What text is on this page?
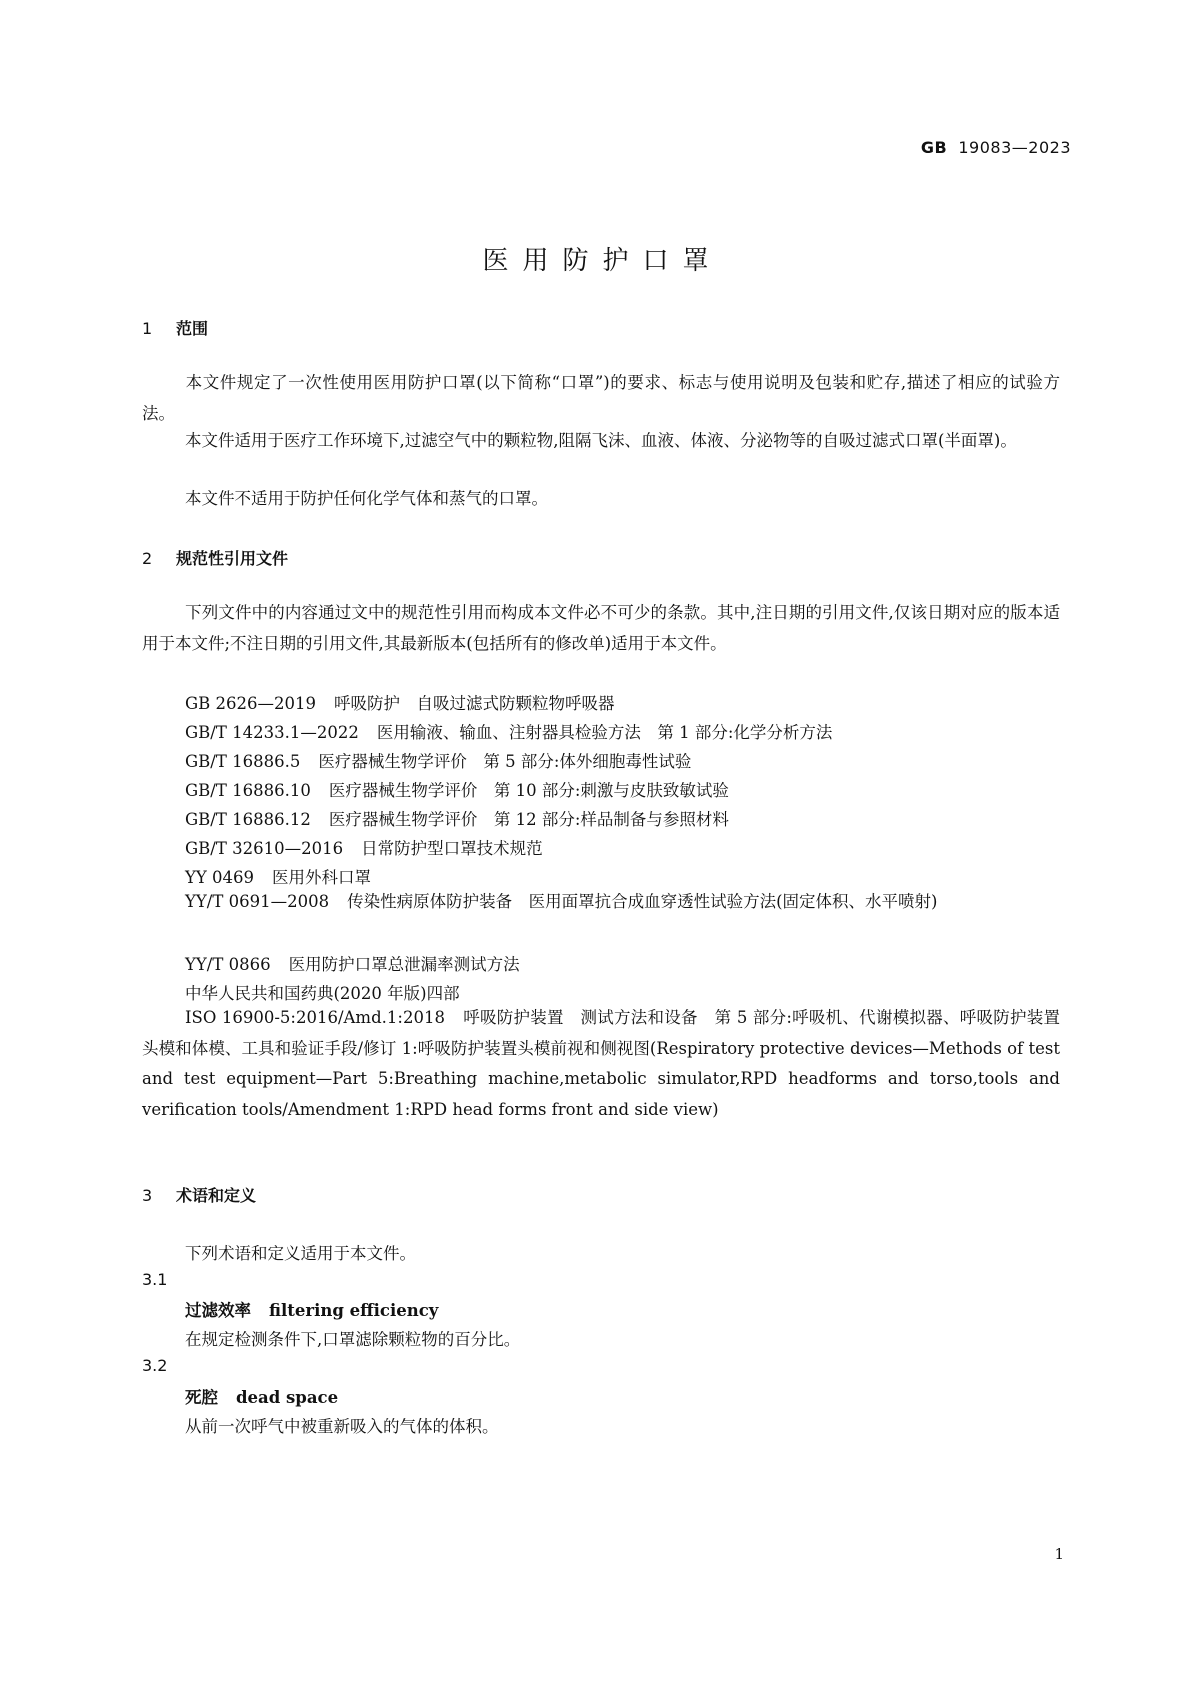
GB 19083—2023
医用防护口罩
1 范围
本文件规定了一次性使用医用防护口罩(以下简称“口罩”)的要求、标志与使用说明及包装和贮存,描述了相应的试验方法。
本文件适用于医疗工作环境下,过滤空气中的颗粒物,阻隔飞沫、血液、体液、分泌物等的自吸过滤式口罩(半面罩)。
本文件不适用于防护任何化学气体和蒸气的口罩。
2 规范性引用文件
下列文件中的内容通过文中的规范性引用而构成本文件必不可少的条款。其中,注日期的引用文件,仅该日期对应的版本适用于本文件;不注日期的引用文件,其最新版本(包括所有的修改单)适用于本文件。
GB 2626—2019 呼吸防护　自吸过滤式防颗粒物呼吸器
GB/T 14233.1—2022 医用输液、输血、注射器具检验方法　第 1 部分:化学分析方法
GB/T 16886.5 医疗器械生物学评价　第 5 部分:体外细胞毒性试验
GB/T 16886.10 医疗器械生物学评价　第 10 部分:刺激与皮肤致敏试验
GB/T 16886.12 医疗器械生物学评价　第 12 部分:样品制备与参照材料
GB/T 32610—2016 日常防护型口罩技术规范
YY 0469 医用外科口罩
YY/T 0691—2008 传染性病原体防护装备　医用面罩抗合成血穿透性试验方法(固定体积、水平喷射)
YY/T 0866 医用防护口罩总泄漏率测试方法
中华人民共和国药典(2020 年版)四部
ISO 16900-5:2016/Amd.1:2018 呼吸防护装置　测试方法和设备　第 5 部分:呼吸机、代谢模拟器、呼吸防护装置头模和体模、工具和验证手段/修订 1:呼吸防护装置头模前视和侧视图(Respiratory protective devices—Methods of test and test equipment—Part 5:Breathing machine,metabolic simulator,RPD headforms and torso,tools and verification tools/Amendment 1:RPD head forms front and side view)
3 术语和定义
下列术语和定义适用于本文件。
3.1
过滤效率 filtering efficiency
在规定检测条件下,口罩滤除颗粒物的百分比。
3.2
死腔 dead space
从前一次呼气中被重新吸入的气体的体积。
1
